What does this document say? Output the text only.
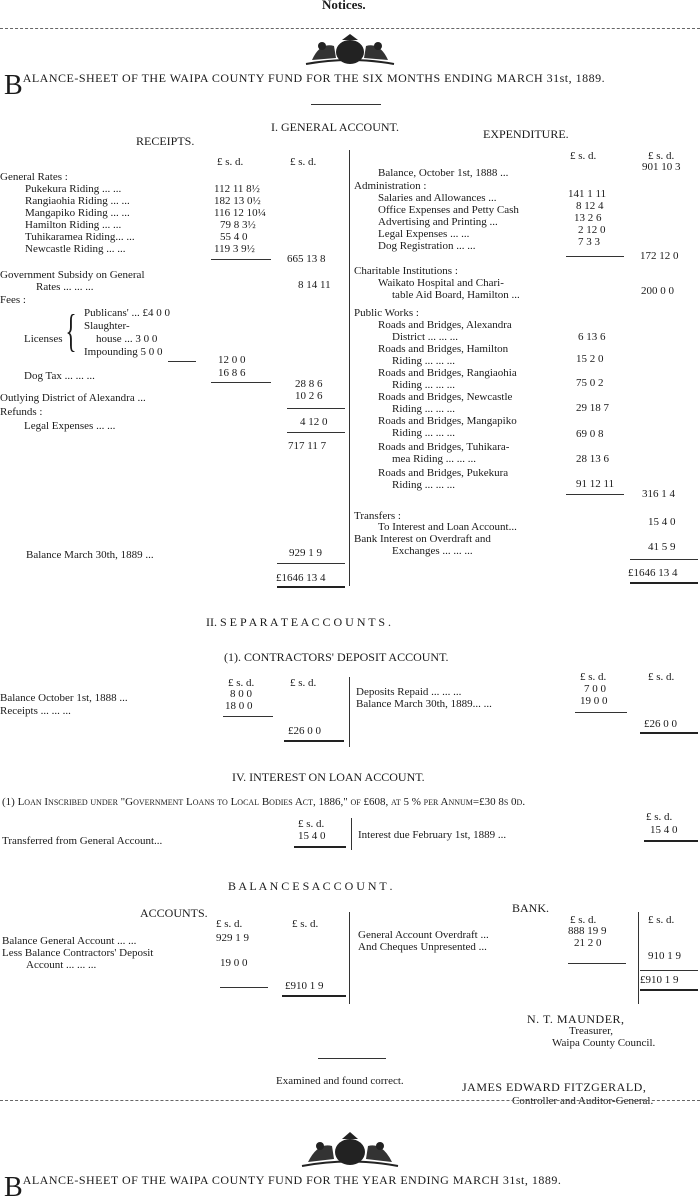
Notices.
$B^{ALANCE-SHEET OF THE WAIPA COUNTY FUND FOR THE SIX MONTHS ENDING MARCH 31st, 1889.}$
I. GENERAL ACCOUNT.
RECEIPTS.	EXPENDITURE.
£ s. d.	£ s. d.	£ s. d.	£ s. d.
General Rates :
Pukekura Riding ... ...	112 11 8½
Rangiaohia Riding ... ...	182 13 0½
Mangapiko Riding ... ...	116 12 10¼
Hamilton Riding ... ...	79 8 3½
Tuhikaramea Riding... ...	55 4 0
Newcastle Riding ... ...	119 3 9½
665 13 8
Government Subsidy on General
Rates ... ... ...	8 14 11
Fees :
Licenses { Publicans' ... £4 0 0
Slaughter-
house ... 3 0 0
Impounding 5 0 0
12 0 0
Dog Tax ... ... ...	16 8 6
28 8 6
Outlying District of Alexandra ...	10 2 6
Refunds :
Legal Expenses ... ...	4 12 0
717 11 7
Balance March 30th, 1889 ...	929 1 9
£1646 13 4
Balance, October 1st, 1888 ...	901 10 3
Administration :
Salaries and Allowances ...	141 1 11
Office Expenses and Petty Cash	8 12 4
Advertising and Printing ...	13 2 6
Legal Expenses ... ...	2 12 0
Dog Registration ... ...	7 3 3
172 12 0
Charitable Institutions :
Waikato Hospital and Chari-
table Aid Board, Hamilton ...	200 0 0
Public Works :
Roads and Bridges, Alexandra
District ... ... ...	6 13 6
Roads and Bridges, Hamilton
Riding ... ... ...	15 2 0
Roads and Bridges, Rangiaohia
Riding ... ... ...	75 0 2
Roads and Bridges, Newcastle
Riding ... ... ...	29 18 7
Roads and Bridges, Mangapiko
Riding ... ... ...	69 0 8
Roads and Bridges, Tuhikara-
mea Riding ... ... ...	28 13 6
Roads and Bridges, Pukekura
Riding ... ... ...	91 12 11
316 1 4
Transfers :
To Interest and Loan Account...	15 4 0
Bank Interest on Overdraft and
Exchanges ... ... ...	41 5 9
£1646 13 4
II. S E P A R A T E A C C O U N T S .
(1). CONTRACTORS' DEPOSIT ACCOUNT.
£ s. d.	£ s. d.	£ s. d.	£ s. d.
Balance October 1st, 1888 ...	8 0 0
Receipts ... ... ...	18 0 0
£26 0 0
Deposits Repaid ... ... ...	7 0 0
Balance March 30th, 1889... ...	19 0 0
£26 0 0
IV. INTEREST ON LOAN ACCOUNT.
(1) Loan Inscribed under "Government Loans to Local Bodies Act, 1886," of £608, at 5 % per Annum=£30 8s 0d.
£ s. d.
£ s. d.
Transferred from General Account...	15 4 0	Interest due February 1st, 1889 ...	15 4 0
B A L A N C E S A C C O U N T .
ACCOUNTS.	BANK.
£ s. d.	£ s. d.	£ s. d.	£ s. d.
Balance General Account ... ...	929 1 9
Less Balance Contractors' Deposit
Account ... ... ...	19 0 0
£910 1 9
General Account Overdraft ...	888 19 9
And Cheques Unpresented ...	21 2 0
910 1 9
£910 1 9
N. T. MAUNDER,
Treasurer,
Waipa County Council.
Examined and found correct.	JAMES EDWARD FITZGERALD,
Controller and Auditor-General.
$B^{ALANCE-SHEET OF THE WAIPA COUNTY FUND FOR THE YEAR ENDING MARCH 31st, 1889.}$
